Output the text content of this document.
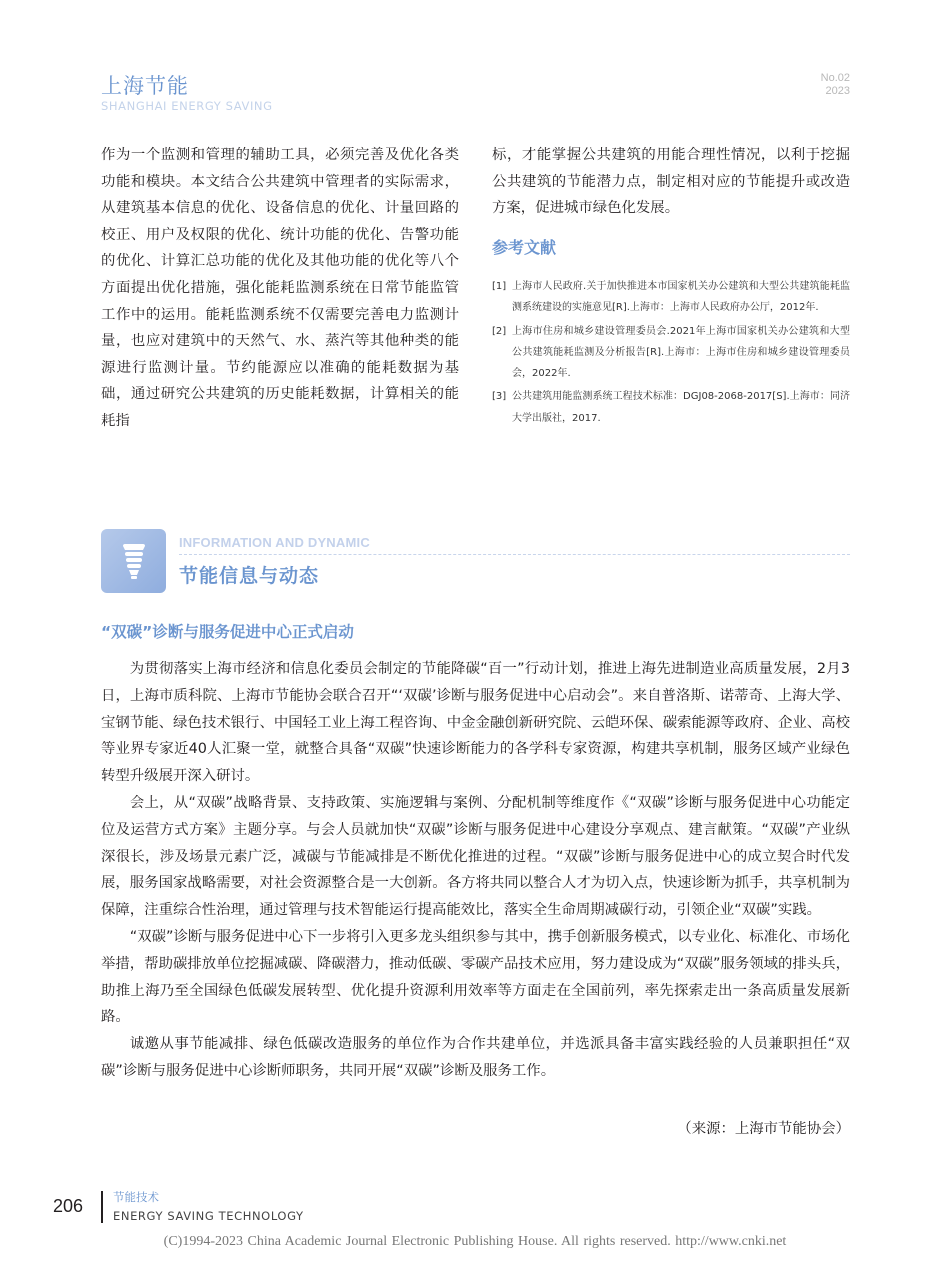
上海节能
SHANGHAI ENERGY SAVING
No.02
2023
作为一个监测和管理的辅助工具，必须完善及优化各类功能和模块。本文结合公共建筑中管理者的实际需求，从建筑基本信息的优化、设备信息的优化、计量回路的校正、用户及权限的优化、统计功能的优化、告警功能的优化、计算汇总功能的优化及其他功能的优化等八个方面提出优化措施，强化能耗监测系统在日常节能监管工作中的运用。能耗监测系统不仅需要完善电力监测计量，也应对建筑中的天然气、水、蒸汽等其他种类的能源进行监测计量。节约能源应以准确的能耗数据为基础，通过研究公共建筑的历史能耗数据，计算相关的能耗指
标，才能掌握公共建筑的用能合理性情况，以利于挖掘公共建筑的节能潜力点，制定相对应的节能提升或改造方案，促进城市绿色化发展。
参考文献
[1] 上海市人民政府.关于加快推进本市国家机关办公建筑和大型公共建筑能耗监测系统建设的实施意见[R].上海市：上海市人民政府办公厅，2012年.
[2] 上海市住房和城乡建设管理委员会.2021年上海市国家机关办公建筑和大型公共建筑能耗监测及分析报告[R].上海市：上海市住房和城乡建设管理委员会，2022年.
[3] 公共建筑用能监测系统工程技术标准：DGJ08-2068-2017[S].上海市：同济大学出版社，2017.
INFORMATION AND DYNAMIC
节能信息与动态
“双碳”诊断与服务促进中心正式启动

为贯彻落实上海市经济和信息化委员会制定的节能降碳“百一”行动计划，推进上海先进制造业高质量发展，2月3日，上海市质科院、上海市节能协会联合召开“‘双碳’诊断与服务促进中心启动会”。来自普洛斯、诺蒂奇、上海大学、宝钢节能、绿色技术银行、中国轻工业上海工程咨询、中金金融创新研究院、云皑环保、碳索能源等政府、企业、高校等业界专家近40人汇聚一堂，就整合具备“双碳”快速诊断能力的各学科专家资源，构建共享机制，服务区域产业绿色转型升级展开深入研讨。

会上，从“双碳”战略背景、支持政策、实施逻辑与案例、分配机制等维度作《“双碳”诊断与服务促进中心功能定位及运营方式方案》主题分享。与会人员就加快“双碳”诊断与服务促进中心建设分享观点、建言献策。“双碳”产业纵深很长，涉及场景元素广泛，减碳与节能减排是不断优化推进的过程。“双碳”诊断与服务促进中心的成立契合时代发展，服务国家战略需要，对社会资源整合是一大创新。各方将共同以整合人才为切入点，快速诊断为抓手，共享机制为保障，注重综合性治理，通过管理与技术智能运行提高能效比，落实全生命周期减碳行动，引领企业“双碳”实践。

“双碳”诊断与服务促进中心下一步将引入更多龙头组织参与其中，携手创新服务模式，以专业化、标准化、市场化举措，帮助碳排放单位挖掘减碳、降碳潜力，推动低碳、零碳产品技术应用，努力建设成为“双碳”服务领域的排头兵，助推上海乃至全国绿色低碳发展转型、优化提升资源利用效率等方面走在全国前列，率先探索走出一条高质量发展新路。

诚邀从事节能减排、绿色低碳改造服务的单位作为合作共建单位，并选派具备丰富实践经验的人员兼职担任“双碳”诊断与服务促进中心诊断师职务，共同开展“双碳”诊断及服务工作。

（来源：上海市节能协会）
206	节能技术
ENERGY SAVING TECHNOLOGY
(C)1994-2023 China Academic Journal Electronic Publishing House. All rights reserved. http://www.cnki.net
